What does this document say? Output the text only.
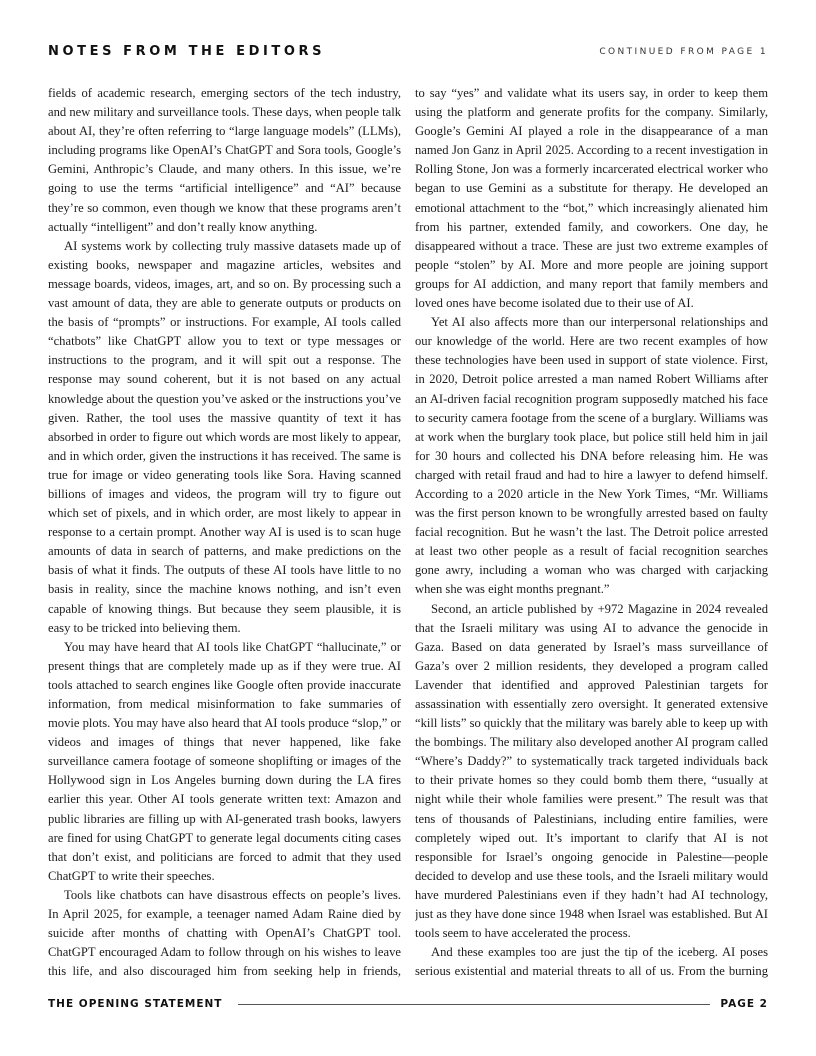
NOTES FROM THE EDITORS	CONTINUED FROM PAGE 1

fields of academic research, emerging sectors of the tech industry, and new military and surveillance tools. These days, when people talk about AI, they’re often referring to “large language models” (LLMs), including programs like OpenAI’s ChatGPT and Sora tools, Google’s Gemini, Anthropic’s Claude, and many others. In this issue, we’re going to use the terms “artificial intelligence” and “AI” because they’re so common, even though we know that these programs aren’t actually “intelligent” and don’t really know anything.

AI systems work by collecting truly massive datasets made up of existing books, newspaper and magazine articles, websites and message boards, videos, images, art, and so on. By processing such a vast amount of data, they are able to generate outputs or products on the basis of “prompts” or instructions. For example, AI tools called “chatbots” like ChatGPT allow you to text or type messages or instructions to the program, and it will spit out a response. The response may sound coherent, but it is not based on any actual knowledge about the question you’ve asked or the instructions you’ve given. Rather, the tool uses the massive quantity of text it has absorbed in order to figure out which words are most likely to appear, and in which order, given the instructions it has received. The same is true for image or video generating tools like Sora. Having scanned billions of images and videos, the program will try to figure out which set of pixels, and in which order, are most likely to appear in response to a certain prompt. Another way AI is used is to scan huge amounts of data in search of patterns, and make predictions on the basis of what it finds. The outputs of these AI tools have little to no basis in reality, since the machine knows nothing, and isn’t even capable of knowing things. But because they seem plausible, it is easy to be tricked into believing them.

You may have heard that AI tools like ChatGPT “hallucinate,” or present things that are completely made up as if they were true. AI tools attached to search engines like Google often provide inaccurate information, from medical misinformation to fake summaries of movie plots. You may have also heard that AI tools produce “slop,” or videos and images of things that never happened, like fake surveillance camera footage of someone shoplifting or images of the Hollywood sign in Los Angeles burning down during the LA fires earlier this year. Other AI tools generate written text: Amazon and public libraries are filling up with AI-generated trash books, lawyers are fined for using ChatGPT to generate legal documents citing cases that don’t exist, and politicians are forced to admit that they used ChatGPT to write their speeches.

Tools like chatbots can have disastrous effects on people’s lives. In April 2025, for example, a teenager named Adam Raine died by suicide after months of chatting with OpenAI’s ChatGPT tool. ChatGPT encouraged Adam to follow through on his wishes to leave this life, and also discouraged him from seeking help in friends,

to say “yes” and validate what its users say, in order to keep them using the platform and generate profits for the company. Similarly, Google’s Gemini AI played a role in the disappearance of a man named Jon Ganz in April 2025. According to a recent investigation in Rolling Stone, Jon was a formerly incarcerated electrical worker who began to use Gemini as a substitute for therapy. He developed an emotional attachment to the “bot,” which increasingly alienated him from his partner, extended family, and coworkers. One day, he disappeared without a trace. These are just two extreme examples of people “stolen” by AI. More and more people are joining support groups for AI addiction, and many report that family members and loved ones have become isolated due to their use of AI.

Yet AI also affects more than our interpersonal relationships and our knowledge of the world. Here are two recent examples of how these technologies have been used in support of state violence. First, in 2020, Detroit police arrested a man named Robert Williams after an AI-driven facial recognition program supposedly matched his face to security camera footage from the scene of a burglary. Williams was at work when the burglary took place, but police still held him in jail for 30 hours and collected his DNA before releasing him. He was charged with retail fraud and had to hire a lawyer to defend himself. According to a 2020 article in the New York Times, “Mr. Williams was the first person known to be wrongfully arrested based on faulty facial recognition. But he wasn’t the last. The Detroit police arrested at least two other people as a result of facial recognition searches gone awry, including a woman who was charged with carjacking when she was eight months pregnant.”

Second, an article published by +972 Magazine in 2024 revealed that the Israeli military was using AI to advance the genocide in Gaza. Based on data generated by Israel’s mass surveillance of Gaza’s over 2 million residents, they developed a program called Lavender that identified and approved Palestinian targets for assassination with essentially zero oversight. It generated extensive “kill lists” so quickly that the military was barely able to keep up with the bombings. The military also developed another AI program called “Where’s Daddy?” to systematically track targeted individuals back to their private homes so they could bomb them there, “usually at night while their whole families were present.” The result was that tens of thousands of Palestinians, including entire families, were completely wiped out. It’s important to clarify that AI is not responsible for Israel’s ongoing genocide in Palestine—people decided to develop and use these tools, and the Israeli military would have murdered Palestinians even if they hadn’t had AI technology, just as they have done since 1948 when Israel was established. But AI tools seem to have accelerated the process.

And these examples too are just the tip of the iceberg. AI poses serious existential and material threats to all of us. From the burning

THE OPENING STATEMENT	PAGE 2
